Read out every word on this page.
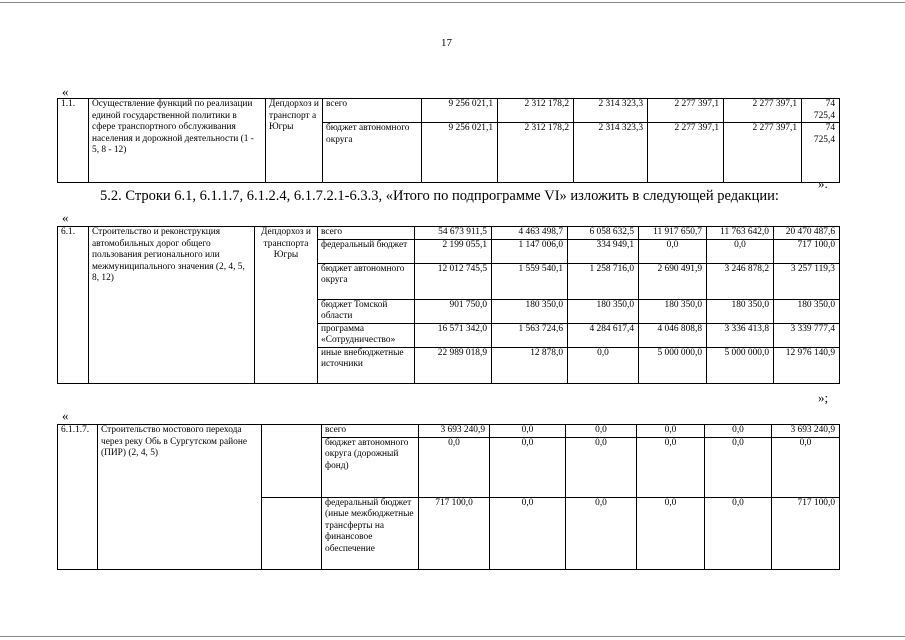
17
«
1.1.	Осуществление функций по реализации единой государственной политики в сфере транспортного обслуживания населения и дорожной деятельности (1 - 5, 8 - 12)	Депдорхоз и транспорт а Югры	всего	9 256 021,1	2 312 178,2	2 314 323,3	2 277 397,1	2 277 397,1	74 725,4
			бюджет автономного округа	9 256 021,1	2 312 178,2	2 314 323,3	2 277 397,1	2 277 397,1	74 725,4
».
5.2. Строки 6.1, 6.1.1.7, 6.1.2.4, 6.1.7.2.1-6.3.3, «Итого по подпрограмме VI» изложить в следующей редакции:
«
6.1.	Строительство и реконструкция автомобильных дорог общего пользования регионального или межмуниципального значения (2, 4, 5, 8, 12)	Депдорхоз и транспорта Югры	всего	54 673 911,5	4 463 498,7	6 058 632,5	11 917 650,7	11 763 642,0	20 470 487,6
			федеральный бюджет	2 199 055,1	1 147 006,0	334 949,1	0,0	0,0	717 100,0
			бюджет автономного округа	12 012 745,5	1 559 540,1	1 258 716,0	2 690 491,9	3 246 878,2	3 257 119,3
			бюджет Томской области	901 750,0	180 350,0	180 350,0	180 350,0	180 350,0	180 350,0
			программа «Сотрудничество»	16 571 342,0	1 563 724,6	4 284 617,4	4 046 808,8	3 336 413,8	3 339 777,4
			иные внебюджетные источники	22 989 018,9	12 878,0	0,0	5 000 000,0	5 000 000,0	12 976 140,9
»;
«
6.1.1.7.	Строительство мостового перехода через реку Обь в Сургутском районе (ПИР) (2, 4, 5)		всего	3 693 240,9	0,0	0,0	0,0	0,0	3 693 240,9
			бюджет автономного округа (дорожный фонд)	0,0	0,0	0,0	0,0	0,0	0,0
			федеральный бюджет (иные межбюджетные трансферты на финансовое обеспечение	717 100,0	0,0	0,0	0,0	0,0	717 100,0
